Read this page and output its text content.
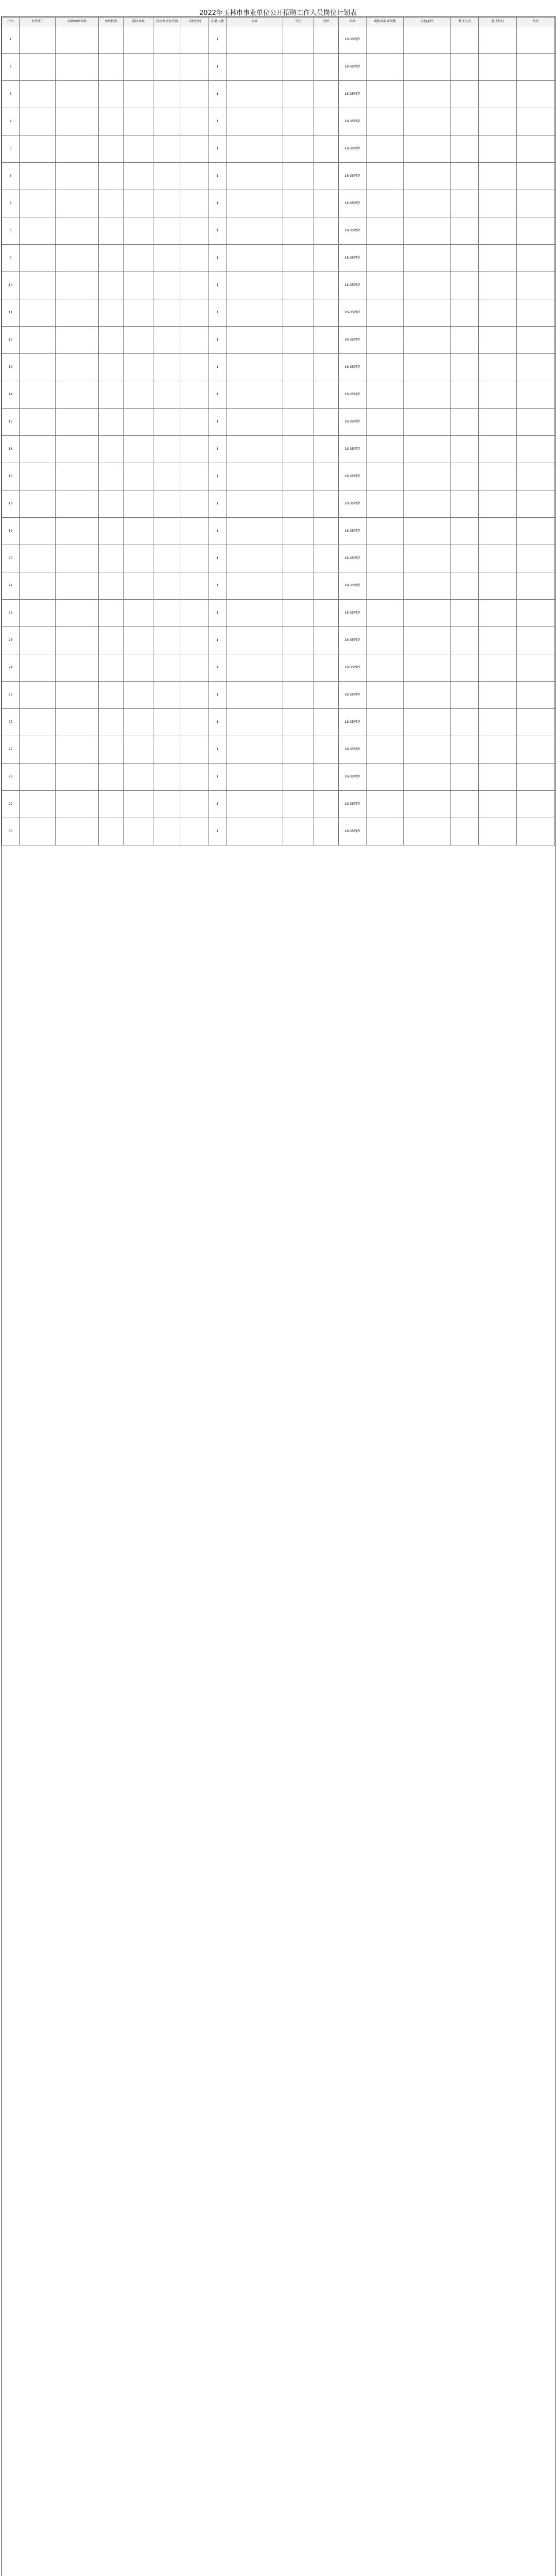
2022年玉林市事业单位公开招聘工作人员岗位计划表
序号	主管部门	招聘单位名称	单位性质	岗位名称	岗位类别及等级	岗位代码	招聘人数	专业	学历	学位	年龄	职称或职业资格	其他条件	考试方式	笔试科目	备注
1							1				18-35周岁					
2							1				18-35周岁					
3							1				18-35周岁					
4							1				18-35周岁					
5							1				18-35周岁					
6							1				18-35周岁					
7							1				18-35周岁					
8							1				18-35周岁					
9							1				18-35周岁					
10							1				18-35周岁					
11							1				18-35周岁					
12							1				18-35周岁					
13							1				18-35周岁					
14							1				18-35周岁					
15							1				18-35周岁					
16							1				18-35周岁					
17							1				18-35周岁					
18							1				18-35周岁					
19							1				18-35周岁					
20							1				18-35周岁					
21							1				18-35周岁					
22							1				18-35周岁					
23							1				18-35周岁					
24							1				18-35周岁					
25							1				18-35周岁					
26							1				18-35周岁					
27							1				18-35周岁					
28							1				18-35周岁					
29							1				18-35周岁					
30							1				18-35周岁					
